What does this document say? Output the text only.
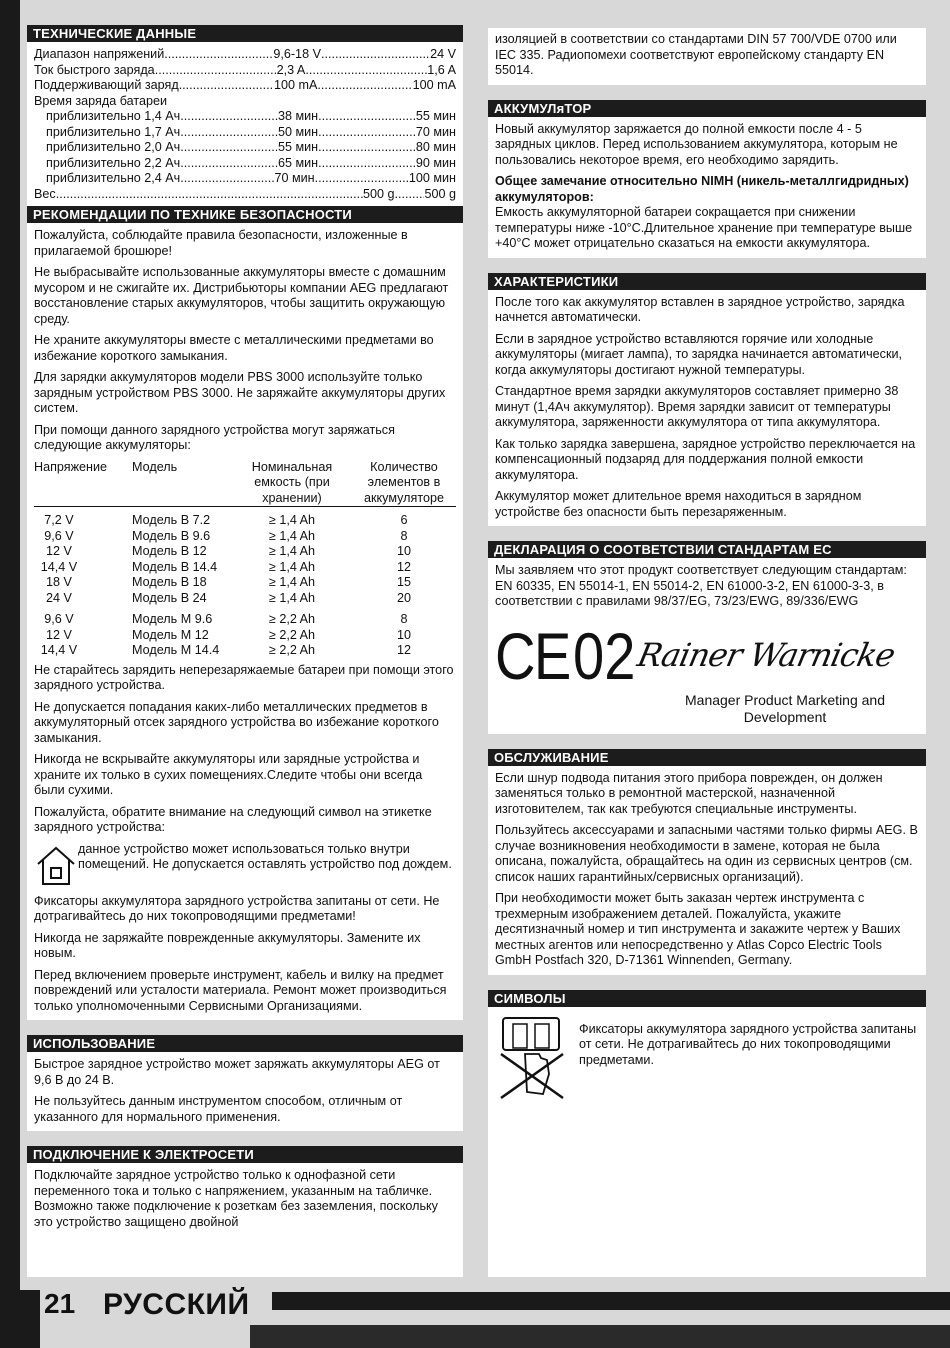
ТЕХНИЧЕСКИЕ ДАННЫЕ
Диапазон напряжений .....	9,6-18 V .....	24 V
Ток быстрого заряда .....	2,3 A .....	1,6 A
Поддерживающий заряд .....	100 mA .....	100 mA
Время заряда батареи
приблизительно 1,4 Ач .....	38 мин .....	55 мин
приблизительно 1,7 Ач .....	50 мин .....	70 мин
приблизительно 2,0 Ач .....	55 мин .....	80 мин
приблизительно 2,2 Ач .....	65 мин .....	90 мин
приблизительно 2,4 Ач .....	70 мин .....	100 мин
Вес .....	500 g ..... 500 g
РЕКОМЕНДАЦИИ ПО ТЕХНИКЕ БЕЗОПАСНОСТИ

Пожалуйста, соблюдайте правила безопасности, изложенные в прилагаемой брошюре!

Не выбрасывайте использованные аккумуляторы вместе с домашним мусором и не сжигайте их. Дистрибьюторы компании AEG предлагают восстановление старых аккумуляторов, чтобы защитить окружающую среду.

Не храните аккумуляторы вместе с металлическими предметами во избежание короткого замыкания.

Для зарядки аккумуляторов модели PBS 3000 используйте только зарядным устройством PBS 3000. Не заряжайте аккумуляторы других систем.

При помощи данного зарядного устройства могут заряжаться следующие аккумуляторы:

Напряжение	Модель	Номинальная емкость (при хранении)	Количество элементов в аккумуляторе

7,2 V	Модель B 7.2	≥ 1,4 Ah	6
9,6 V	Модель B 9.6	≥ 1,4 Ah	8
12 V	Модель B 12	≥ 1,4 Ah	10
14,4 V	Модель B 14.4	≥ 1,4 Ah	12
18 V	Модель B 18	≥ 1,4 Ah	15
24 V	Модель B 24	≥ 1,4 Ah	20

9,6 V	Модель M 9.6	≥ 2,2 Ah	8
12 V	Модель M 12	≥ 2,2 Ah	10
14,4 V	Модель M 14.4	≥ 2,2 Ah	12

Не старайтесь зарядить неперезаряжаемые батареи при помощи этого зарядного устройства.

Не допускается попадания каких-либо металлических предметов в аккумуляторный отсек зарядного устройства во избежание короткого замыкания.

Никогда не вскрывайте аккумуляторы или зарядные устройства и храните их только в сухих помещениях.Следите чтобы они всегда были сухими.

Пожалуйста, обратите внимание на следующий символ на этикетке зарядного устройства:

данное устройство может использоваться только внутри помещений. Не допускается оставлять устройство под дождем.

Фиксаторы аккумулятора зарядного устройства запитаны от сети. Не дотрагивайтесь до них токопроводящими предметами!

Никогда не заряжайте поврежденные аккумуляторы. Замените их новым.

Перед включением проверьте инструмент, кабель и вилку на предмет повреждений или усталости материала. Ремонт может производиться только уполномоченными Сервисными Организациями.

ИСПОЛЬЗОВАНИЕ

Быстрое зарядное устройство может заряжать аккумуляторы AEG от 9,6 В до 24 В.

Не пользуйтесь данным инструментом способом, отличным от указанного для нормального применения.

ПОДКЛЮЧЕНИЕ К ЭЛЕКТРОСЕТИ

Подключайте зарядное устройство только к однофазной сети переменного тока и только с напряжением, указанным на табличке. Возможно также подключение к розеткам без заземления, поскольку это устройство защищено двойной

изоляцией в соответствии со стандартами DIN 57 700/VDE 0700 или IEC 335. Радиопомехи соответствуют европейскому стандарту EN 55014.

АККУМУЛяТОР

Новый аккумулятор заряжается до полной емкости после 4 - 5 зарядных циклов. Перед использованием аккумулятора, которым не пользовались некоторое время, его необходимо зарядить.

Общее замечание относительно NIMH (никель-металлгидридных) аккумуляторов:

Емкость аккумуляторной батареи сокращается при снижении температуры ниже -10°C.Длительное хранение при температуре выше +40°C может отрицательно сказаться на емкости аккумулятора.

ХАРАКТЕРИСТИКИ

После того как аккумулятор вставлен в зарядное устройство, зарядка начнется автоматически.

Если в зарядное устройство вставляются горячие или холодные аккумуляторы (мигает лампа), то зарядка начинается автоматически, когда аккумуляторы достигают нужной температуры.

Стандартное время зарядки аккумуляторов составляет примерно 38 минут (1,4Ач аккумулятор). Время зарядки зависит от температуры аккумулятора, заряженности аккумулятора от типа аккумулятора.

Как только зарядка завершена, зарядное устройство переключается на компенсационный подзаряд для поддержания полной емкости аккумулятора.

Аккумулятор может длительное время находиться в зарядном устройстве без опасности быть перезаряженным.

ДЕКЛАРАЦИЯ О СООТВЕТСТВИИ СТАНДАРТАМ ЕС

Мы заявляем что этот продукт соответствует следующим стандартам: EN 60335, EN 55014-1, EN 55014-2, EN 61000-3-2, EN 61000-3-3, в соответствии с правилами 98/37/EG, 73/23/EWG, 89/336/EWG

CE 02 Rainer Warnicke
Manager Product Marketing and Development
ОБСЛУЖИВАНИЕ

Если шнур подвода питания этого прибора поврежден, он должен заменяться только в ремонтной мастерской, назначенной изготовителем, так как требуются специальные инструменты.

Пользуйтесь аксессуарами и запасными частями только фирмы AEG. В случае возникновения необходимости в замене, которая не была описана, пожалуйста, обращайтесь на один из сервисных центров (см. список наших гарантийных/сервисных организаций).

При необходимости может быть заказан чертеж инструмента с трехмерным изображением деталей. Пожалуйста, укажите десятизначный номер и тип инструмента и закажите чертеж у Ваших местных агентов или непосредственно у Atlas Copco Electric Tools GmbH Postfach 320, D-71361 Winnenden, Germany.

СИМВОЛЫ
Фиксаторы аккумулятора зарядного устройства запитаны от сети. Не дотрагивайтесь до них токопроводящими предметами.
21 РУССКИЙ
